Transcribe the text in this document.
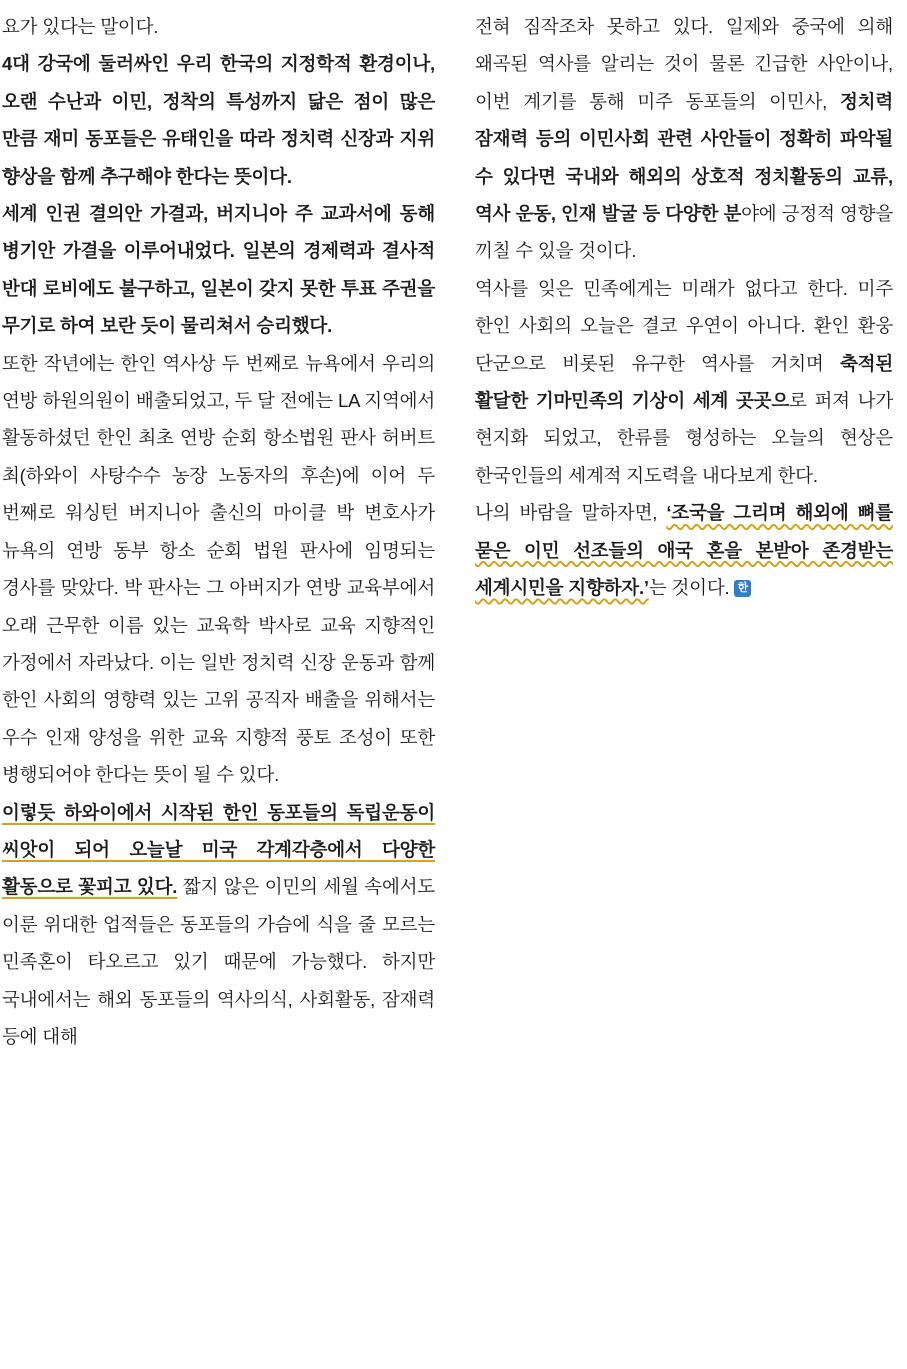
요가 있다는 말이다.

4대 강국에 둘러싸인 우리 한국의 지정학적 환경이나, 오랜 수난과 이민, 정착의 특성까지 닮은 점이 많은 만큼 재미 동포들은 유태인을 따라 정치력 신장과 지위 향상을 함께 추구해야 한다는 뜻이다.

세계 인권 결의안 가결과, 버지니아 주 교과서에 동해 병기안 가결을 이루어내었다. 일본의 경제력과 결사적 반대 로비에도 불구하고, 일본이 갖지 못한 투표 주권을 무기로 하여 보란 듯이 물리쳐서 승리했다.

또한 작년에는 한인 역사상 두 번째로 뉴욕에서 우리의 연방 하원의원이 배출되었고, 두 달 전에는 LA 지역에서 활동하셨던 한인 최초 연방 순회 항소법원 판사 허버트 최(하와이 사탕수수 농장 노동자의 후손)에 이어 두 번째로 워싱턴 버지니아 출신의 마이클 박 변호사가 뉴욕의 연방 동부 항소 순회 법원 판사에 임명되는 경사를 맞았다. 박 판사는 그 아버지가 연방 교육부에서 오래 근무한 이름 있는 교육학 박사로 교육 지향적인 가정에서 자라났다. 이는 일반 정치력 신장 운동과 함께 한인 사회의 영향력 있는 고위 공직자 배출을 위해서는 우수 인재 양성을 위한 교육 지향적 풍토 조성이 또한 병행되어야 한다는 뜻이 될 수 있다.

이렇듯 하와이에서 시작된 한인 동포들의 독립운동이 씨앗이 되어 오늘날 미국 각계각층에서 다양한 활동으로 꽃피고 있다. 짧지 않은 이민의 세월 속에서도 이룬 위대한 업적들은 동포들의 가슴에 식을 줄 모르는 민족혼이 타오르고 있기 때문에 가능했다. 하지만 국내에서는 해외 동포들의 역사의식, 사회활동, 잠재력 등에 대해

전혀 짐작조차 못하고 있다. 일제와 중국에 의해 왜곡된 역사를 알리는 것이 물론 긴급한 사안이나, 이번 계기를 통해 미주 동포들의 이민사, 정치력 잠재력 등의 이민사회 관련 사안들이 정확히 파악될 수 있다면 국내와 해외의 상호적 정치활동의 교류, 역사 운동, 인재 발굴 등 다양한 분야에 긍정적 영향을 끼칠 수 있을 것이다.

역사를 잊은 민족에게는 미래가 없다고 한다. 미주 한인 사회의 오늘은 결코 우연이 아니다. 환인 환웅 단군으로 비롯된 유구한 역사를 거치며 축적된 활달한 기마민족의 기상이 세계 곳곳으로 퍼져 나가 현지화 되었고, 한류를 형성하는 오늘의 현상은 한국인들의 세계적 지도력을 내다보게 한다.

나의 바람을 말하자면, ‘조국을 그리며 해외에 뼈를 묻은 이민 선조들의 애국 혼을 본받아 존경받는 세계시민을 지향하자.’는 것이다. 한
